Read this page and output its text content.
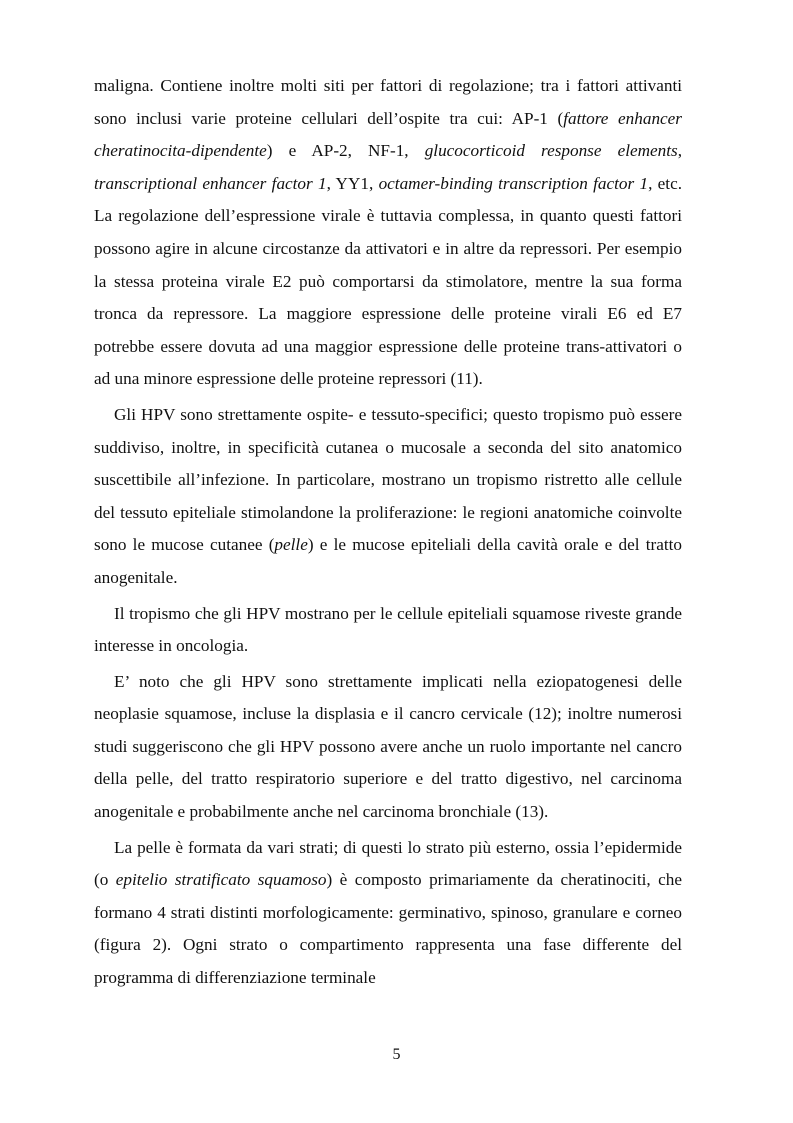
maligna. Contiene inoltre molti siti per fattori di regolazione; tra i fattori attivanti sono inclusi varie proteine cellulari dell’ospite tra cui: AP-1 (fattore enhancer cheratinocita-dipendente) e AP-2, NF-1, glucocorticoid response elements, transcriptional enhancer factor 1, YY1, octamer-binding transcription factor 1, etc. La regolazione dell’espressione virale è tuttavia complessa, in quanto questi fattori possono agire in alcune circostanze da attivatori e in altre da repressori. Per esempio la stessa proteina virale E2 può comportarsi da stimolatore, mentre la sua forma tronca da repressore. La maggiore espressione delle proteine virali E6 ed E7 potrebbe essere dovuta ad una maggior espressione delle proteine trans-attivatori o ad una minore espressione delle proteine repressori (11).

Gli HPV sono strettamente ospite- e tessuto-specifici; questo tropismo può essere suddiviso, inoltre, in specificità cutanea o mucosale a seconda del sito anatomico suscettibile all’infezione. In particolare, mostrano un tropismo ristretto alle cellule del tessuto epiteliale stimolandone la proliferazione: le regioni anatomiche coinvolte sono le mucose cutanee (pelle) e le mucose epiteliali della cavità orale e del tratto anogenitale.

Il tropismo che gli HPV mostrano per le cellule epiteliali squamose riveste grande interesse in oncologia.

E’ noto che gli HPV sono strettamente implicati nella eziopatogenesi delle neoplasie squamose, incluse la displasia e il cancro cervicale (12); inoltre numerosi studi suggeriscono che gli HPV possono avere anche un ruolo importante nel cancro della pelle, del tratto respiratorio superiore e del tratto digestivo, nel carcinoma anogenitale e probabilmente anche nel carcinoma bronchiale (13).

La pelle è formata da vari strati; di questi lo strato più esterno, ossia l’epidermide (o epitelio stratificato squamoso) è composto primariamente da cheratinociti, che formano 4 strati distinti morfologicamente: germinativo, spinoso, granulare e corneo (figura 2). Ogni strato o compartimento rappresenta una fase differente del programma di differenziazione terminale

5
